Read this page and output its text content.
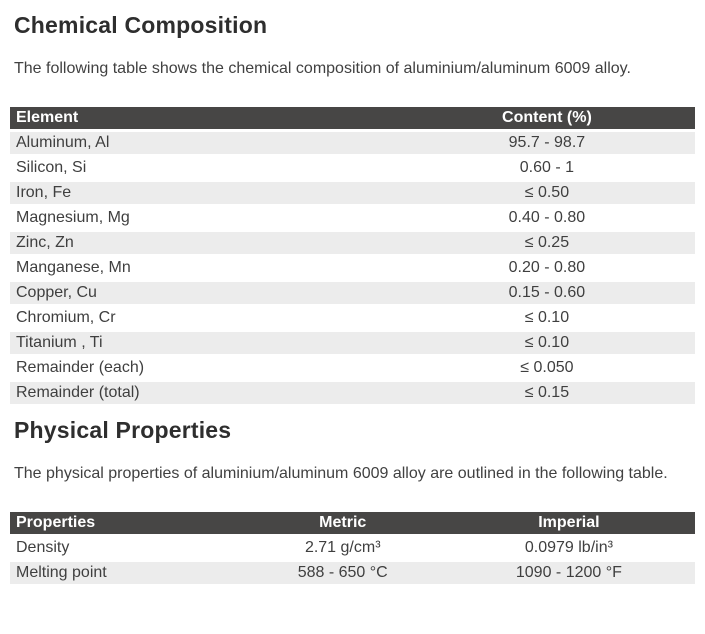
Chemical Composition

The following table shows the chemical composition of aluminium/aluminum 6009 alloy.

Element	Content (%)
Aluminum, Al	95.7 - 98.7
Silicon, Si	0.60 - 1
Iron, Fe	≤ 0.50
Magnesium, Mg	0.40 - 0.80
Zinc, Zn	≤ 0.25
Manganese, Mn	0.20 - 0.80
Copper, Cu	0.15 - 0.60
Chromium, Cr	≤ 0.10
Titanium , Ti	≤ 0.10
Remainder (each)	≤ 0.050
Remainder (total)	≤ 0.15
Physical Properties

The physical properties of aluminium/aluminum 6009 alloy are outlined in the following table.

Properties	Metric	Imperial
Density	2.71 g/cm³	0.0979 lb/in³
Melting point	588 - 650 °C	1090 - 1200 °F
